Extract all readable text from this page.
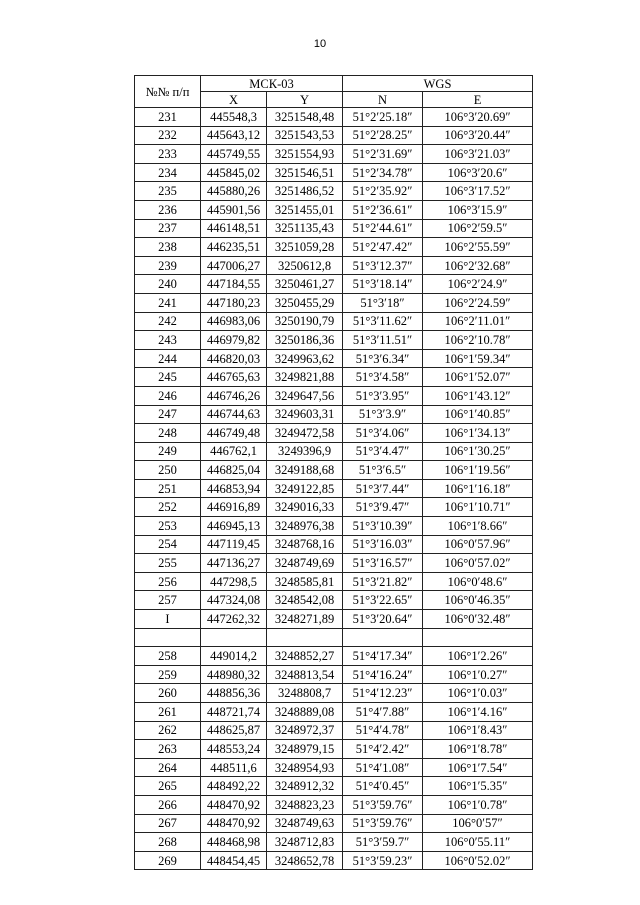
10
№№ п/п	МСК-03		WGS	
	X	Y	N	E
231	445548,3	3251548,48	51°2′25.18″	106°3′20.69″
232	445643,12	3251543,53	51°2′28.25″	106°3′20.44″
233	445749,55	3251554,93	51°2′31.69″	106°3′21.03″
234	445845,02	3251546,51	51°2′34.78″	106°3′20.6″
235	445880,26	3251486,52	51°2′35.92″	106°3′17.52″
236	445901,56	3251455,01	51°2′36.61″	106°3′15.9″
237	446148,51	3251135,43	51°2′44.61″	106°2′59.5″
238	446235,51	3251059,28	51°2′47.42″	106°2′55.59″
239	447006,27	3250612,8	51°3′12.37″	106°2′32.68″
240	447184,55	3250461,27	51°3′18.14″	106°2′24.9″
241	447180,23	3250455,29	51°3′18″	106°2′24.59″
242	446983,06	3250190,79	51°3′11.62″	106°2′11.01″
243	446979,82	3250186,36	51°3′11.51″	106°2′10.78″
244	446820,03	3249963,62	51°3′6.34″	106°1′59.34″
245	446765,63	3249821,88	51°3′4.58″	106°1′52.07″
246	446746,26	3249647,56	51°3′3.95″	106°1′43.12″
247	446744,63	3249603,31	51°3′3.9″	106°1′40.85″
248	446749,48	3249472,58	51°3′4.06″	106°1′34.13″
249	446762,1	3249396,9	51°3′4.47″	106°1′30.25″
250	446825,04	3249188,68	51°3′6.5″	106°1′19.56″
251	446853,94	3249122,85	51°3′7.44″	106°1′16.18″
252	446916,89	3249016,33	51°3′9.47″	106°1′10.71″
253	446945,13	3248976,38	51°3′10.39″	106°1′8.66″
254	447119,45	3248768,16	51°3′16.03″	106°0′57.96″
255	447136,27	3248749,69	51°3′16.57″	106°0′57.02″
256	447298,5	3248585,81	51°3′21.82″	106°0′48.6″
257	447324,08	3248542,08	51°3′22.65″	106°0′46.35″
I	447262,32	3248271,89	51°3′20.64″	106°0′32.48″

258	449014,2	3248852,27	51°4′17.34″	106°1′2.26″
259	448980,32	3248813,54	51°4′16.24″	106°1′0.27″
260	448856,36	3248808,7	51°4′12.23″	106°1′0.03″
261	448721,74	3248889,08	51°4′7.88″	106°1′4.16″
262	448625,87	3248972,37	51°4′4.78″	106°1′8.43″
263	448553,24	3248979,15	51°4′2.42″	106°1′8.78″
264	448511,6	3248954,93	51°4′1.08″	106°1′7.54″
265	448492,22	3248912,32	51°4′0.45″	106°1′5.35″
266	448470,92	3248823,23	51°3′59.76″	106°1′0.78″
267	448470,92	3248749,63	51°3′59.76″	106°0′57″
268	448468,98	3248712,83	51°3′59.7″	106°0′55.11″
269	448454,45	3248652,78	51°3′59.23″	106°0′52.02″
